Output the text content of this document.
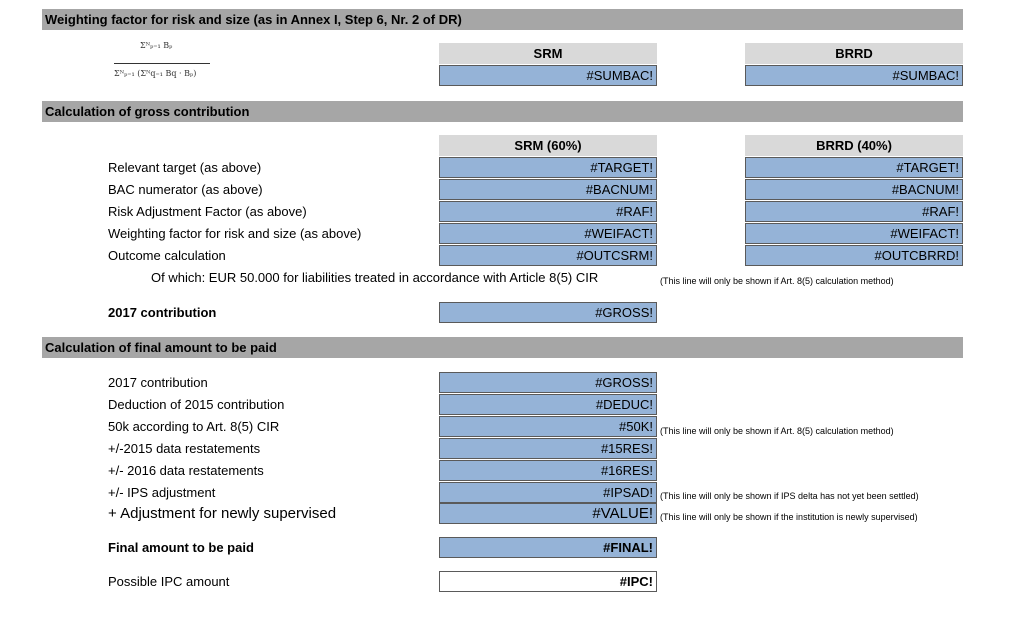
Weighting factor for risk and size (as in Annex I, Step 6, Nr. 2 of DR)
Σᴺₚ₌₁ Bₚ
Σᴺₚ₌₁ (Σᴺq₌₁ Bq · Bₚ)
SRM	BRRD
#SUMBAC!	#SUMBAC!
Calculation of gross contribution
SRM (60%)	BRRD (40%)
Relevant target (as above)	#TARGET!	#TARGET!
BAC numerator (as above)	#BACNUM!	#BACNUM!
Risk Adjustment Factor (as above)	#RAF!	#RAF!
Weighting factor for risk and size (as above)	#WEIFACT!	#WEIFACT!
Outcome calculation	#OUTCSRM!	#OUTCBRRD!
Of which: EUR 50.000 for liabilities treated in accordance with Article 8(5) CIR	(This line will only be shown if Art. 8(5) calculation method)
2017 contribution	#GROSS!
Calculation of final amount to be paid
2017 contribution	#GROSS!
Deduction of 2015 contribution	#DEDUC!
50k according to Art. 8(5) CIR	#50K! (This line will only be shown if Art. 8(5) calculation method)
+/-2015 data restatements	#15RES!
+/- 2016 data restatements	#16RES!
+/- IPS adjustment	#IPSAD! (This line will only be shown if IPS delta has not yet been settled)
+ Adjustment for newly supervised	#VALUE! (This line will only be shown if the institution is newly supervised)
Final amount to be paid	#FINAL!
Possible IPC amount	#IPC!
